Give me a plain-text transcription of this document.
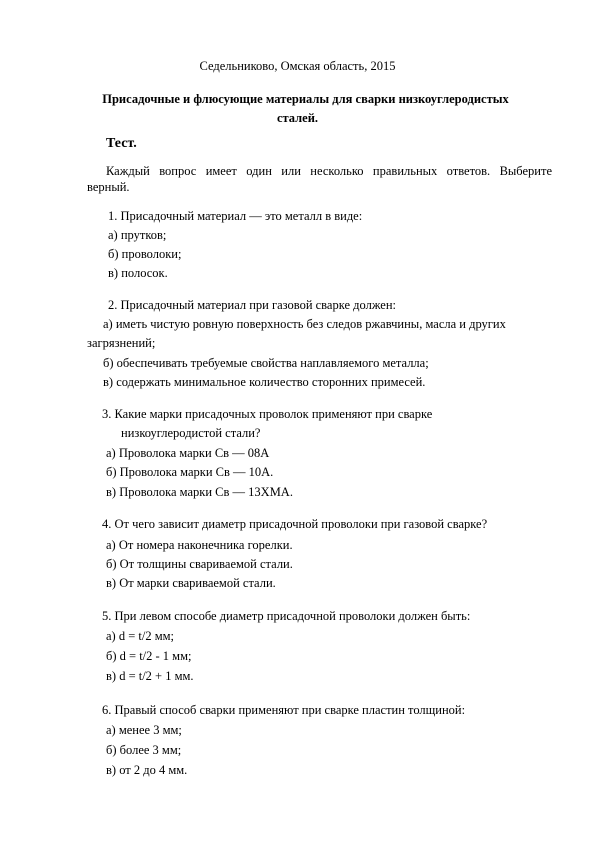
Седельниково, Омская область, 2015
Присадочные и флюсующие материалы для сварки низкоуглеродистых
сталей.
Тест.
Каждый вопрос имеет один или несколько правильных ответов. Выберите
верный.
1. Присадочный материал — это металл в виде:
а) прутков;
б) проволоки;
в) полосок.
2. Присадочный материал при газовой сварке должен:
а) иметь чистую ровную поверхность без следов ржавчины, масла и других
загрязнений;
б) обеспечивать требуемые свойства наплавляемого металла;
в) содержать минимальное количество сторонних примесей.
3. Какие марки присадочных проволок применяют при сварке
низкоуглеродистой стали?
а) Проволока марки Св — 08А
б) Проволока марки Св — 10А.
в) Проволока марки Св — 13ХМА.
4. От чего зависит диаметр присадочной проволоки при газовой сварке?
а) От номера наконечника горелки.
б) От толщины свариваемой стали.
в) От марки свариваемой стали.
5. При левом способе диаметр присадочной проволоки должен быть:
а) d = t/2 мм;
б) d = t/2 - 1 мм;
в) d = t/2 + 1 мм.
6. Правый способ сварки применяют при сварке пластин толщиной:
а) менее 3 мм;
б) более 3 мм;
в) от 2 до 4 мм.
